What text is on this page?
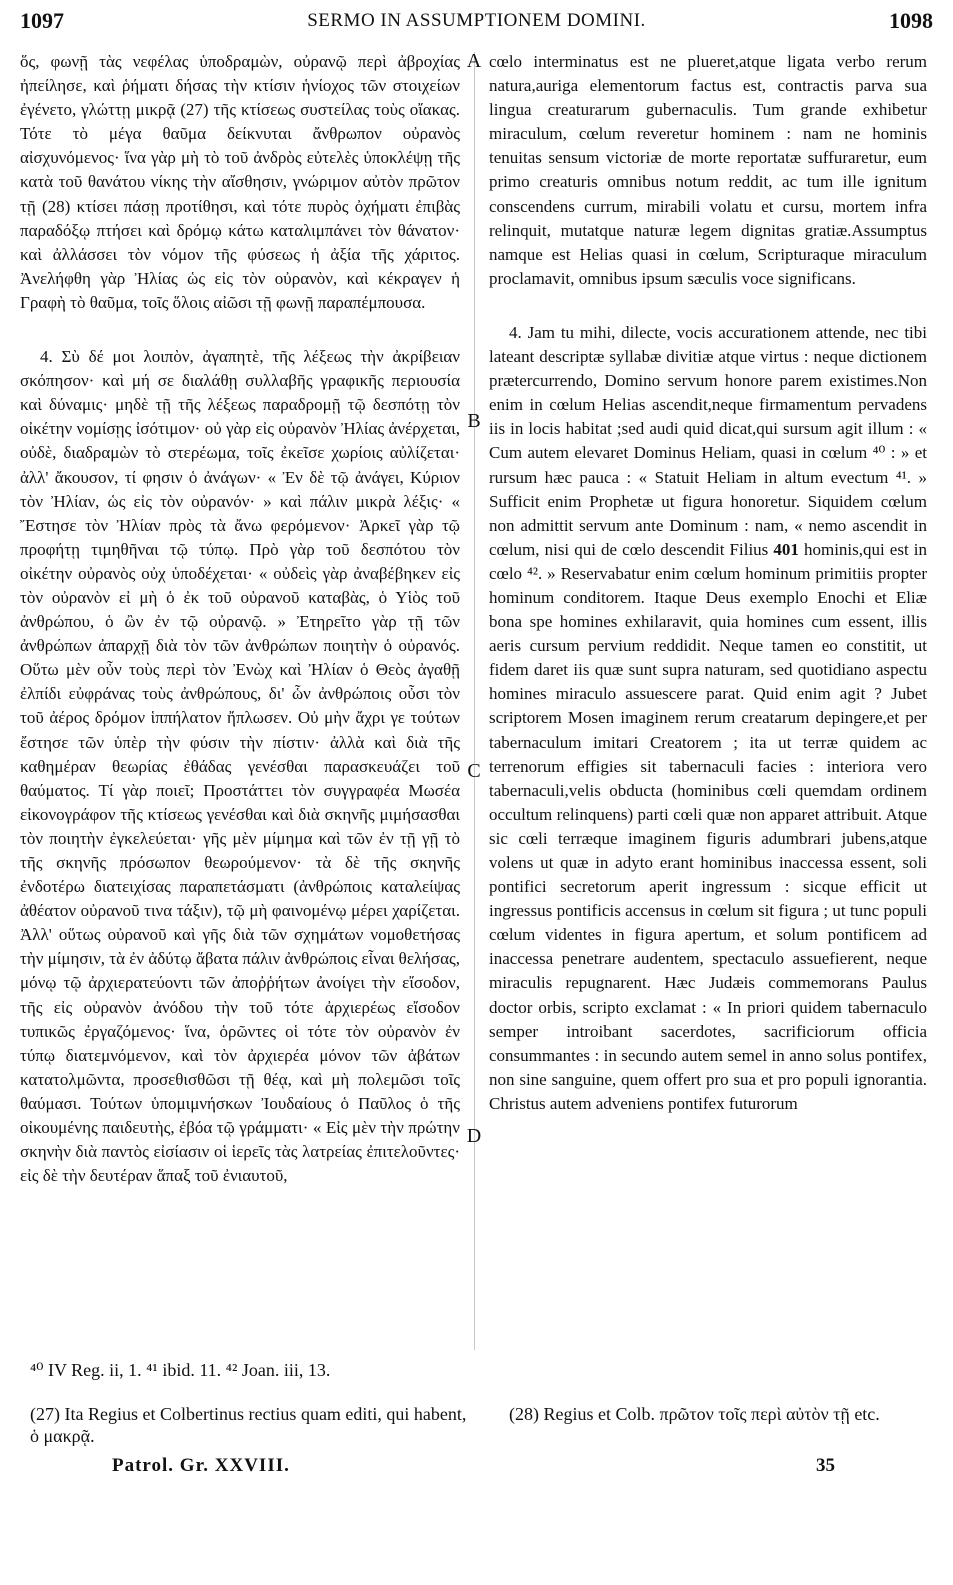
1097	SERMO IN ASSUMPTIONEM DOMINI.	1098
A
B
C
D

ὅς, φωνῇ τὰς νεφέλας ὑποδραμὼν, οὐρανῷ περὶ ἀβροχίας ἠπείλησε, καὶ ῥήματι δήσας τὴν κτίσιν ἡνίοχος τῶν στοιχείων ἐγένετο, γλώττῃ μικρᾷ (27) τῆς κτίσεως συστείλας τοὺς οἴακας. Τότε τὸ μέγα θαῦμα δείκνυται ἄνθρωπον οὐρανὸς αἰσχυνόμενος· ἵνα γὰρ μὴ τὸ τοῦ ἀνδρὸς εὐτελὲς ὑποκλέψῃ τῆς κατὰ τοῦ θανάτου νίκης τὴν αἴσθησιν, γνώριμον αὐτὸν πρῶτον τῇ (28) κτίσει πάσῃ προτίθησι, καὶ τότε πυρὸς ὀχήματι ἐπιβὰς παραδόξῳ πτήσει καὶ δρόμῳ κάτω καταλιμπάνει τὸν θάνατον· καὶ ἀλλάσσει τὸν νόμον τῆς φύσεως ἡ ἀξία τῆς χάριτος. Ἀνελήφθη γὰρ Ἠλίας ὡς εἰς τὸν οὐρανὸν, καὶ κέκραγεν ἡ Γραφὴ τὸ θαῦμα, τοῖς ὅλοις αἰῶσι τῇ φωνῇ παραπέμπουσα.

4. Σὺ δέ μοι λοιπὸν, ἀγαπητὲ, τῆς λέξεως τὴν ἀκρίβειαν σκόπησον· καὶ μή σε διαλάθῃ συλλαβῆς γραφικῆς περιουσία καὶ δύναμις· μηδὲ τῇ τῆς λέξεως παραδρομῇ τῷ δεσπότῃ τὸν οἰκέτην νομίσῃς ἰσότιμον· οὐ γὰρ εἰς οὐρανὸν Ἠλίας ἀνέρχεται, οὐδὲ, διαδραμὼν τὸ στερέωμα, τοῖς ἐκεῖσε χωρίοις αὐλίζεται· ἀλλ' ἄκουσον, τί φησιν ὁ ἀνάγων· « Ἐν δὲ τῷ ἀνάγει, Κύριον τὸν Ἠλίαν, ὡς εἰς τὸν οὐρανόν· » καὶ πάλιν μικρὰ λέξις· « Ἔστησε τὸν Ἠλίαν πρὸς τὰ ἄνω φερόμενον· Ἀρκεῖ γὰρ τῷ προφήτῃ τιμηθῆναι τῷ τύπῳ. Πρὸ γὰρ τοῦ δεσπότου τὸν οἰκέτην οὐρανὸς οὐχ ὑποδέχεται· « οὐδεὶς γὰρ ἀναβέβηκεν εἰς τὸν οὐρανὸν εἰ μὴ ὁ ἐκ τοῦ οὐρανοῦ καταβὰς, ὁ Υἱὸς τοῦ ἀνθρώπου, ὁ ὢν ἐν τῷ οὐρανῷ. » Ἐτηρεῖτο γὰρ τῇ τῶν ἀνθρώπων ἀπαρχῇ διὰ τὸν τῶν ἀνθρώπων ποιητὴν ὁ οὐρανός. Οὕτω μὲν οὖν τοὺς περὶ τὸν Ἐνὼχ καὶ Ἠλίαν ὁ Θεὸς ἀγαθῇ ἐλπίδι εὐφράνας τοὺς ἀνθρώπους, δι' ὧν ἀνθρώποις οὖσι τὸν τοῦ ἀέρος δρόμον ἱππήλατον ἤπλωσεν. Οὐ μὴν ἄχρι γε τούτων ἔστησε τῶν ὑπὲρ τὴν φύσιν τὴν πίστιν· ἀλλὰ καὶ διὰ τῆς καθημέραν θεωρίας ἐθάδας γενέσθαι παρασκευάζει τοῦ θαύματος. Τί γὰρ ποιεῖ; Προστάττει τὸν συγγραφέα Μωσέα εἰκονογράφον τῆς κτίσεως γενέσθαι καὶ διὰ σκηνῆς μιμήσασθαι τὸν ποιητὴν ἐγκελεύεται· γῆς μὲν μίμημα καὶ τῶν ἐν τῇ γῇ τὸ τῆς σκηνῆς πρόσωπον θεωρούμενον· τὰ δὲ τῆς σκηνῆς ἐνδοτέρω διατειχίσας παραπετάσματι (ἀνθρώποις καταλείψας ἀθέατον οὐρανοῦ τινα τάξιν), τῷ μὴ φαινομένῳ μέρει χαρίζεται. Ἀλλ' οὕτως οὐρανοῦ καὶ γῆς διὰ τῶν σχημάτων νομοθετήσας τὴν μίμησιν, τὰ ἐν ἀδύτῳ ἄβατα πάλιν ἀνθρώποις εἶναι θελήσας, μόνῳ τῷ ἀρχιερατεύοντι τῶν ἀποῤῥήτων ἀνοίγει τὴν εἴσοδον, τῆς εἰς οὐρανὸν ἀνόδου τὴν τοῦ τότε ἀρχιερέως εἴσοδον τυπικῶς ἐργαζόμενος· ἵνα, ὁρῶντες οἱ τότε τὸν οὐρανὸν ἐν τύπῳ διατεμνόμενον, καὶ τὸν ἀρχιερέα μόνον τῶν ἀβάτων κατατολμῶντα, προσεθισθῶσι τῇ θέᾳ, καὶ μὴ πολεμῶσι τοῖς θαύμασι. Τούτων ὑπομιμνήσκων Ἰουδαίους ὁ Παῦλος ὁ τῆς οἰκουμένης παιδευτὴς, ἐβόα τῷ γράμματι· « Εἰς μὲν τὴν πρώτην σκηνὴν διὰ παντὸς εἰσίασιν οἱ ἱερεῖς τὰς λατρείας ἐπιτελοῦντες· εἰς δὲ τὴν δευτέραν ἅπαξ τοῦ ἐνιαυτοῦ,

cœlo interminatus est ne plueret,atque ligata verbo rerum natura,auriga elementorum factus est, contractis parva sua lingua creaturarum gubernaculis. Tum grande exhibetur miraculum, cœlum reveretur hominem : nam ne hominis tenuitas sensum victoriæ de morte reportatæ suffuraretur, eum primo creaturis omnibus notum reddit, ac tum ille ignitum conscendens currum, mirabili volatu et cursu, mortem infra relinquit, mutatque naturæ legem dignitas gratiæ.Assumptus namque est Helias quasi in cœlum, Scripturaque miraculum proclamavit, omnibus ipsum sæculis voce significans.

4. Jam tu mihi, dilecte, vocis accurationem attende, nec tibi lateant descriptæ syllabæ divitiæ atque virtus : neque dictionem prætercurrendo, Domino servum honore parem existimes.Non enim in cœlum Helias ascendit,neque firmamentum pervadens iis in locis habitat ;sed audi quid dicat,qui sursum agit illum : « Cum autem elevaret Dominus Heliam, quasi in cœlum ⁴⁰ : » et rursum hæc pauca : « Statuit Heliam in altum evectum ⁴¹. » Sufficit enim Prophetæ ut figura honoretur. Siquidem cœlum non admittit servum ante Dominum : nam, « nemo ascendit in cœlum, nisi qui de cœlo descendit Filius 401 hominis,qui est in cœlo ⁴². » Reservabatur enim cœlum hominum primitiis propter hominum conditorem. Itaque Deus exemplo Enochi et Eliæ bona spe homines exhilaravit, quia homines cum essent, illis aeris cursum pervium reddidit. Neque tamen eo constitit, ut fidem daret iis quæ sunt supra naturam, sed quotidiano aspectu homines miraculo assuescere parat. Quid enim agit ? Jubet scriptorem Mosen imaginem rerum creatarum depingere,et per tabernaculum imitari Creatorem ; ita ut terræ quidem ac terrenorum effigies sit tabernaculi facies : interiora vero tabernaculi,velis obducta (hominibus cœli quemdam ordinem occultum relinquens) parti cœli quæ non apparet attribuit. Atque sic cœli terræque imaginem figuris adumbrari jubens,atque volens ut quæ in adyto erant hominibus inaccessa essent, soli pontifici secretorum aperit ingressum : sicque efficit ut ingressus pontificis accensus in cœlum sit figura ; ut tunc populi cœlum videntes in figura apertum, et solum pontificem ad inaccessa penetrare audentem, spectaculo assuefierent, neque miraculis repugnarent. Hæc Judæis commemorans Paulus doctor orbis, scripto exclamat : « In priori quidem tabernaculo semper introibant sacerdotes, sacrificiorum officia consummantes : in secundo autem semel in anno solus pontifex, non sine sanguine, quem offert pro sua et pro populi ignorantia. Christus autem adveniens pontifex futurorum

⁴⁰ IV Reg. ii, 1. ⁴¹ ibid. 11. ⁴² Joan. iii, 13.
(27) Ita Regius et Colbertinus rectius quam editi, qui habent, ὁ μακρᾷ.
(28) Regius et Colb. πρῶτον τοῖς περὶ αὐτὸν τῇ etc.
Patrol. Gr. XXVIII.	35
